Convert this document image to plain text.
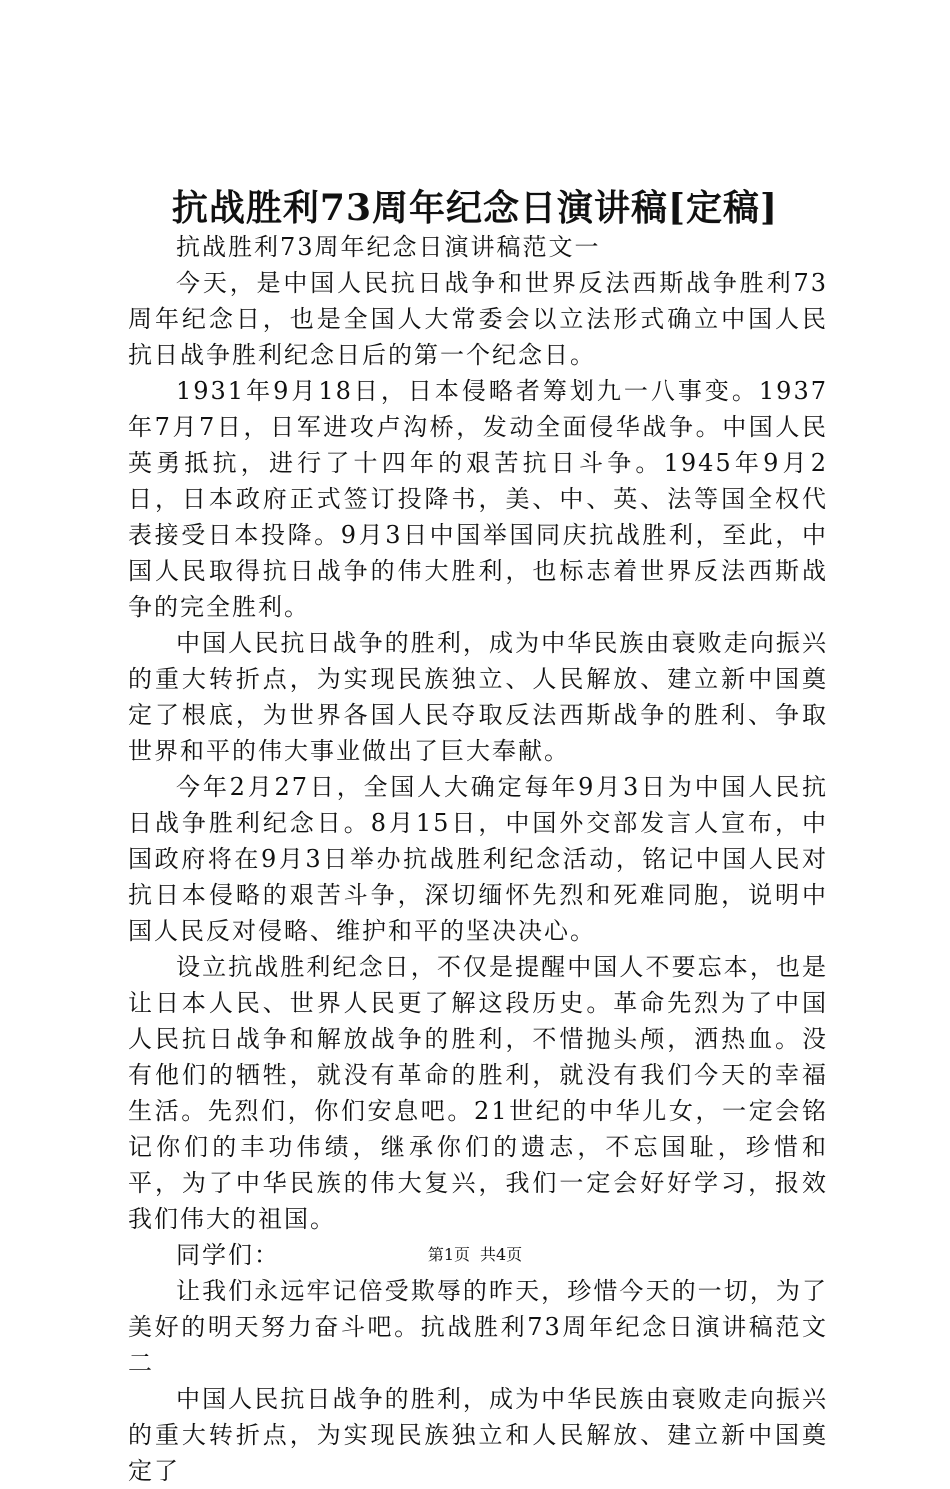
抗战胜利73周年纪念日演讲稿[定稿]

抗战胜利73周年纪念日演讲稿范文一

今天，是中国人民抗日战争和世界反法西斯战争胜利73周年纪念日，也是全国人大常委会以立法形式确立中国人民抗日战争胜利纪念日后的第一个纪念日。

1931年9月18日，日本侵略者筹划九一八事变。1937年7月7日，日军进攻卢沟桥，发动全面侵华战争。中国人民英勇抵抗，进行了十四年的艰苦抗日斗争。1945年9月2日，日本政府正式签订投降书，美、中、英、法等国全权代表接受日本投降。9月3日中国举国同庆抗战胜利，至此，中国人民取得抗日战争的伟大胜利，也标志着世界反法西斯战争的完全胜利。

中国人民抗日战争的胜利，成为中华民族由衰败走向振兴的重大转折点，为实现民族独立、人民解放、建立新中国奠定了根底，为世界各国人民夺取反法西斯战争的胜利、争取世界和平的伟大事业做出了巨大奉献。

今年2月27日，全国人大确定每年9月3日为中国人民抗日战争胜利纪念日。8月15日，中国外交部发言人宣布，中国政府将在9月3日举办抗战胜利纪念活动，铭记中国人民对抗日本侵略的艰苦斗争，深切缅怀先烈和死难同胞，说明中国人民反对侵略、维护和平的坚决决心。

设立抗战胜利纪念日，不仅是提醒中国人不要忘本，也是让日本人民、世界人民更了解这段历史。革命先烈为了中国人民抗日战争和解放战争的胜利，不惜抛头颅，洒热血。没有他们的牺牲，就没有革命的胜利，就没有我们今天的幸福生活。先烈们，你们安息吧。21世纪的中华儿女，一定会铭记你们的丰功伟绩，继承你们的遗志，不忘国耻，珍惜和平，为了中华民族的伟大复兴，我们一定会好好学习，报效我们伟大的祖国。

同学们：

让我们永远牢记倍受欺辱的昨天，珍惜今天的一切，为了美好的明天努力奋斗吧。抗战胜利73周年纪念日演讲稿范文二

中国人民抗日战争的胜利，成为中华民族由衰败走向振兴的重大转折点，为实现民族独立和人民解放、建立新中国奠定了

第1页 共4页
